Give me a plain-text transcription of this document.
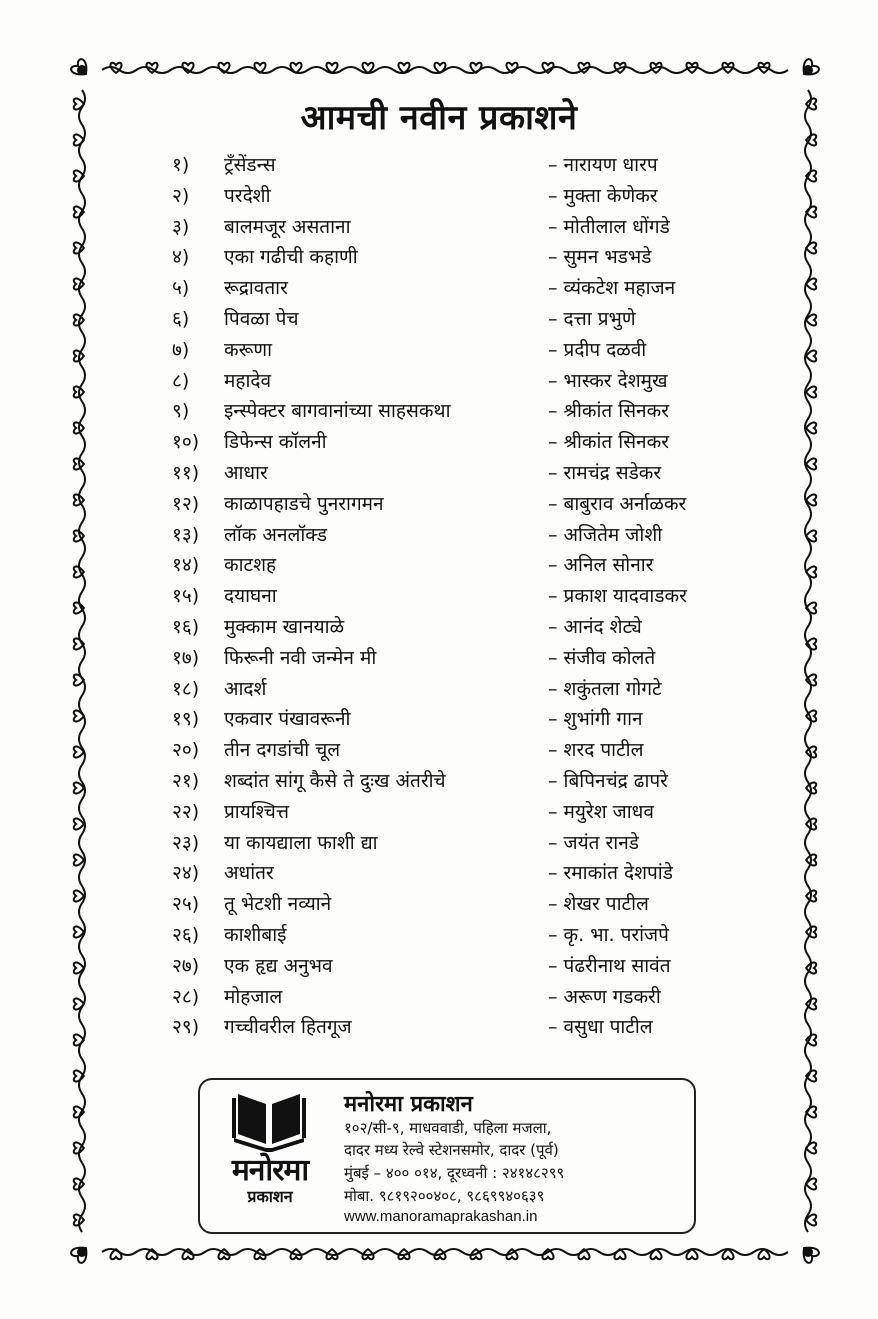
आमची नवीन प्रकाशने
१)	ट्रँसेंडन्स	– नारायण धारप
२)	परदेशी	– मुक्ता केणेकर
३)	बालमजूर असताना	– मोतीलाल धोंगडे
४)	एका गढीची कहाणी	– सुमन भडभडे
५)	रूद्रावतार	– व्यंकटेश महाजन
६)	पिवळा पेच	– दत्ता प्रभुणे
७)	करूणा	– प्रदीप दळवी
८)	महादेव	– भास्कर देशमुख
९)	इन्स्पेक्टर बागवानांच्या साहसकथा	– श्रीकांत सिनकर
१०)	डिफेन्स कॉलनी	– श्रीकांत सिनकर
११)	आधार	– रामचंद्र सडेकर
१२)	काळापहाडचे पुनरागमन	– बाबुराव अर्नाळकर
१३)	लॉक अनलॉक्ड	– अजितेम जोशी
१४)	काटशह	– अनिल सोनार
१५)	दयाघना	– प्रकाश यादवाडकर
१६)	मुक्काम खानयाळे	– आनंद शेट्ये
१७)	फिरूनी नवी जन्मेन मी	– संजीव कोलते
१८)	आदर्श	– शकुंतला गोगटे
१९)	एकवार पंखावरूनी	– शुभांगी गान
२०)	तीन दगडांची चूल	– शरद पाटील
२१)	शब्दांत सांगू कैसे ते दुःख अंतरीचे	– बिपिनचंद्र ढापरे
२२)	प्रायश्चित्त	– मयुरेश जाधव
२३)	या कायद्याला फाशी द्या	– जयंत रानडे
२४)	अधांतर	– रमाकांत देशपांडे
२५)	तू भेटशी नव्याने	– शेखर पाटील
२६)	काशीबाई	– कृ. भा. परांजपे
२७)	एक हृद्य अनुभव	– पंढरीनाथ सावंत
२८)	मोहजाल	– अरूण गडकरी
२९)	गच्चीवरील हितगूज	– वसुधा पाटील
मनोरमा
प्रकाशन
मनोरमा प्रकाशन
१०२/सी-९, माधववाडी, पहिला मजला,
दादर मध्य रेल्वे स्टेशनसमोर, दादर (पूर्व)
मुंबई – ४०० ०१४, दूरध्वनी : २४१४८२९९
मोबा. ९८१९२००४०८, ९८६९९४०६३९
www.manoramaprakashan.in
